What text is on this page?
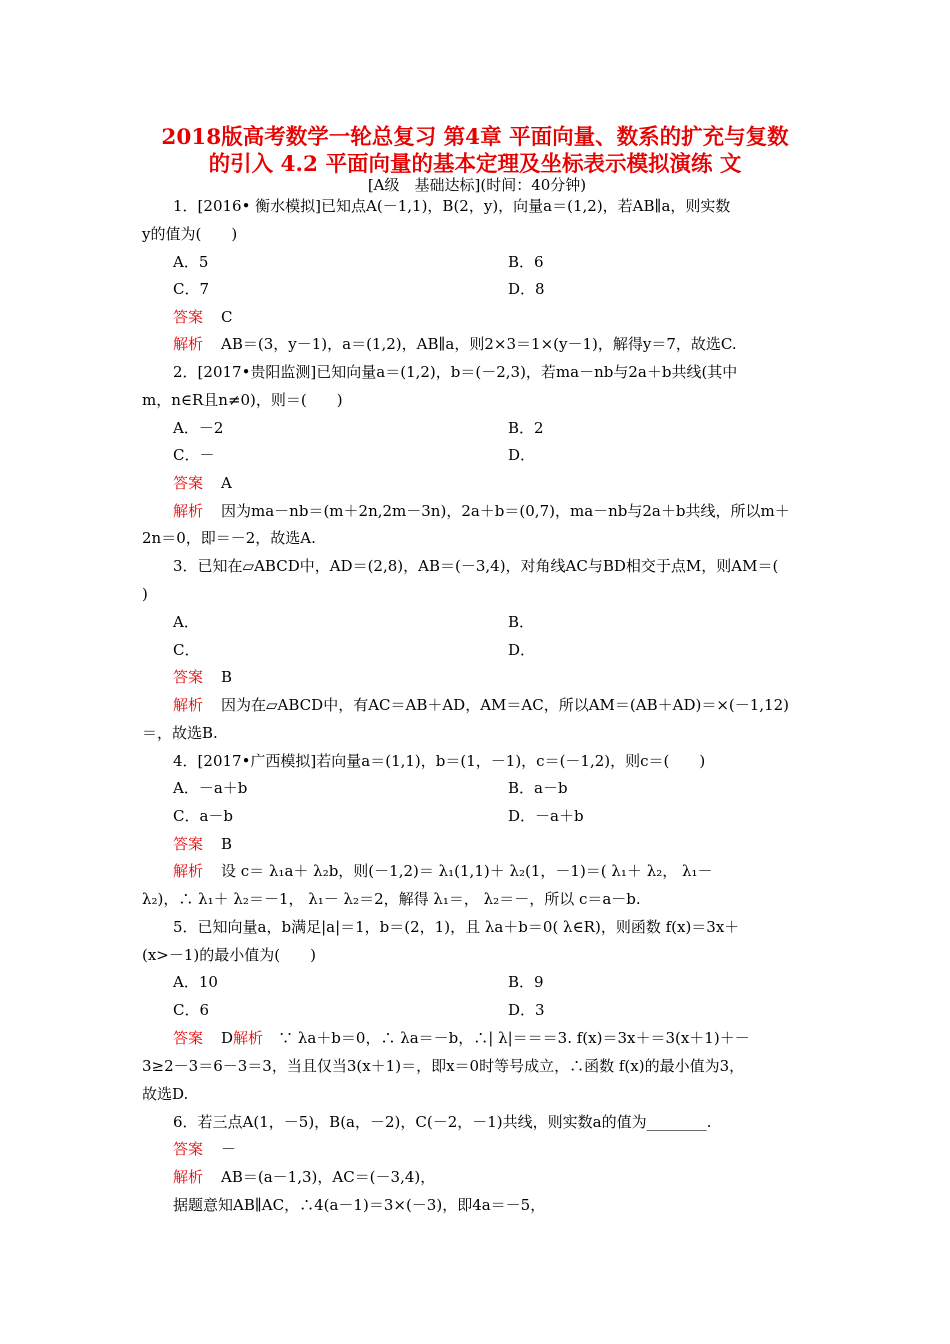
2018版高考数学一轮总复习 第4章 平面向量、数系的扩充与复数
的引入 4.2 平面向量的基本定理及坐标表示模拟演练 文
[A级　基础达标](时间：40分钟)
1．[2016• 衡水模拟]已知点A(－1,1)，B(2，y)，向量a＝(1,2)，若AB∥a，则实数
y的值为(　　)
A．5	B．6
C．7	D．8
答案 C
解析 AB＝(3，y－1)，a＝(1,2)，AB∥a，则2×3＝1×(y－1)，解得y＝7，故选C.
2．[2017•贵阳监测]已知向量a＝(1,2)，b＝(－2,3)，若ma－nb与2a＋b共线(其中
m，n∈R且n≠0)，则＝(　　)
A．－2	B．2
C．－	D．
答案 A
解析 因为ma－nb＝(m＋2n,2m－3n)，2a＋b＝(0,7)，ma－nb与2a＋b共线，所以m＋
2n＝0，即＝－2，故选A.
3．已知在▱ABCD中，AD＝(2,8)，AB＝(－3,4)，对角线AC与BD相交于点M，则AM＝(
)
A．	B．
C．	D．
答案 B
解析 因为在▱ABCD中，有AC＝AB＋AD，AM＝AC，所以AM＝(AB＋AD)＝×(－1,12)
＝，故选B.
4．[2017•广西模拟]若向量a＝(1,1)，b＝(1，－1)，c＝(－1,2)，则c＝(　　)
A．－a＋b	B．a－b
C．a－b	D．－a＋b
答案 B
解析 设 c＝ λ₁a＋ λ₂b，则(－1,2)＝ λ₁(1,1)＋ λ₂(1，－1)＝( λ₁＋ λ₂， λ₁－
λ₂)，∴ λ₁＋ λ₂＝－1， λ₁－ λ₂＝2，解得 λ₁＝， λ₂＝－，所以 c＝a－b.
5．已知向量a，b满足|a|＝1，b＝(2，1)，且 λa＋b＝0( λ∈R)，则函数 f(x)＝3x＋
(x>－1)的最小值为(　　)
A．10	B．9
C．6	D．3
答案 D解析　 ∵ λa＋b＝0，∴ λa＝－b，∴| λ|＝＝＝3. f(x)＝3x＋＝3(x＋1)＋－
3≥2－3＝6－3＝3，当且仅当3(x＋1)＝，即x＝0时等号成立，∴函数 f(x)的最小值为3，
故选D.
6．若三点A(1，－5)，B(a，－2)，C(－2，－1)共线，则实数a的值为________.
答案 －
解析 AB＝(a－1,3)，AC＝(－3,4)，
据题意知AB∥AC，∴4(a－1)＝3×(－3)，即4a＝－5，
